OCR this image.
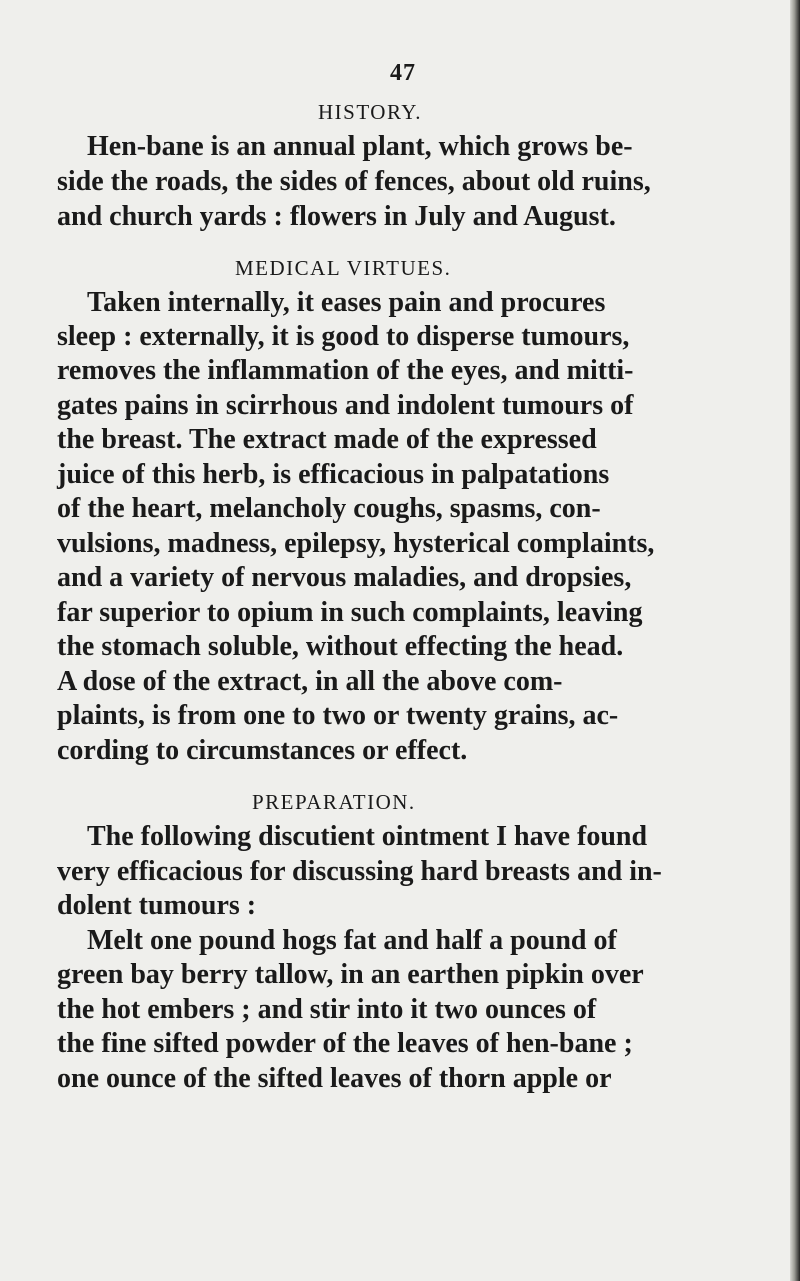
47
HISTORY.
Hen-bane is an annual plant, which grows be-
side the roads, the sides of fences, about old ruins,
and church yards : flowers in July and August.
MEDICAL VIRTUES.
Taken internally, it eases pain and procures
sleep : externally, it is good to disperse tumours,
removes the inflammation of the eyes, and mitti-
gates pains in scirrhous and indolent tumours of
the breast. The extract made of the expressed
juice of this herb, is efficacious in palpatations
of the heart, melancholy coughs, spasms, con-
vulsions, madness, epilepsy, hysterical complaints,
and a variety of nervous maladies, and dropsies,
far superior to opium in such complaints, leaving
the stomach soluble, without effecting the head.
A dose of the extract, in all the above com-
plaints, is from one to two or twenty grains, ac-
cording to circumstances or effect.
PREPARATION.
The following discutient ointment I have found
very efficacious for discussing hard breasts and in-
dolent tumours :
Melt one pound hogs fat and half a pound of
green bay berry tallow, in an earthen pipkin over
the hot embers ; and stir into it two ounces of
the fine sifted powder of the leaves of hen-bane ;
one ounce of the sifted leaves of thorn apple or
